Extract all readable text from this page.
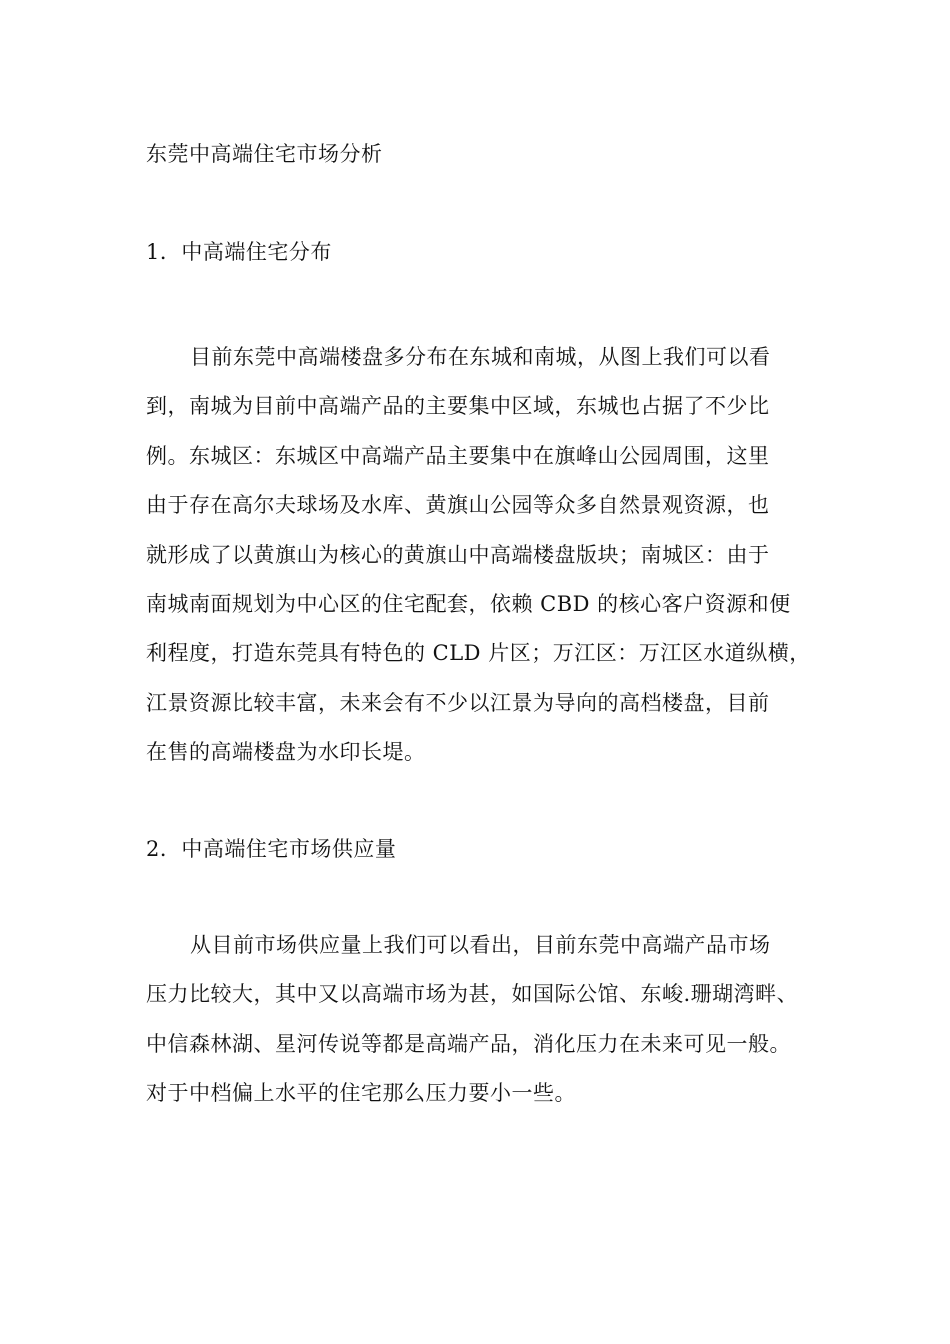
东莞中高端住宅市场分析
1．中高端住宅分布
目前东莞中高端楼盘多分布在东城和南城，从图上我们可以看
到，南城为目前中高端产品的主要集中区域，东城也占据了不少比
例。东城区：东城区中高端产品主要集中在旗峰山公园周围，这里
由于存在高尔夫球场及水库、黄旗山公园等众多自然景观资源，也
就形成了以黄旗山为核心的黄旗山中高端楼盘版块；南城区：由于
南城南面规划为中心区的住宅配套，依赖 CBD 的核心客户资源和便
利程度，打造东莞具有特色的 CLD 片区；万江区：万江区水道纵横，
江景资源比较丰富，未来会有不少以江景为导向的高档楼盘，目前
在售的高端楼盘为水印长堤。
2．中高端住宅市场供应量
从目前市场供应量上我们可以看出，目前东莞中高端产品市场
压力比较大，其中又以高端市场为甚，如国际公馆、东峻.珊瑚湾畔、
中信森林湖、星河传说等都是高端产品，消化压力在未来可见一般。
对于中档偏上水平的住宅那么压力要小一些。
